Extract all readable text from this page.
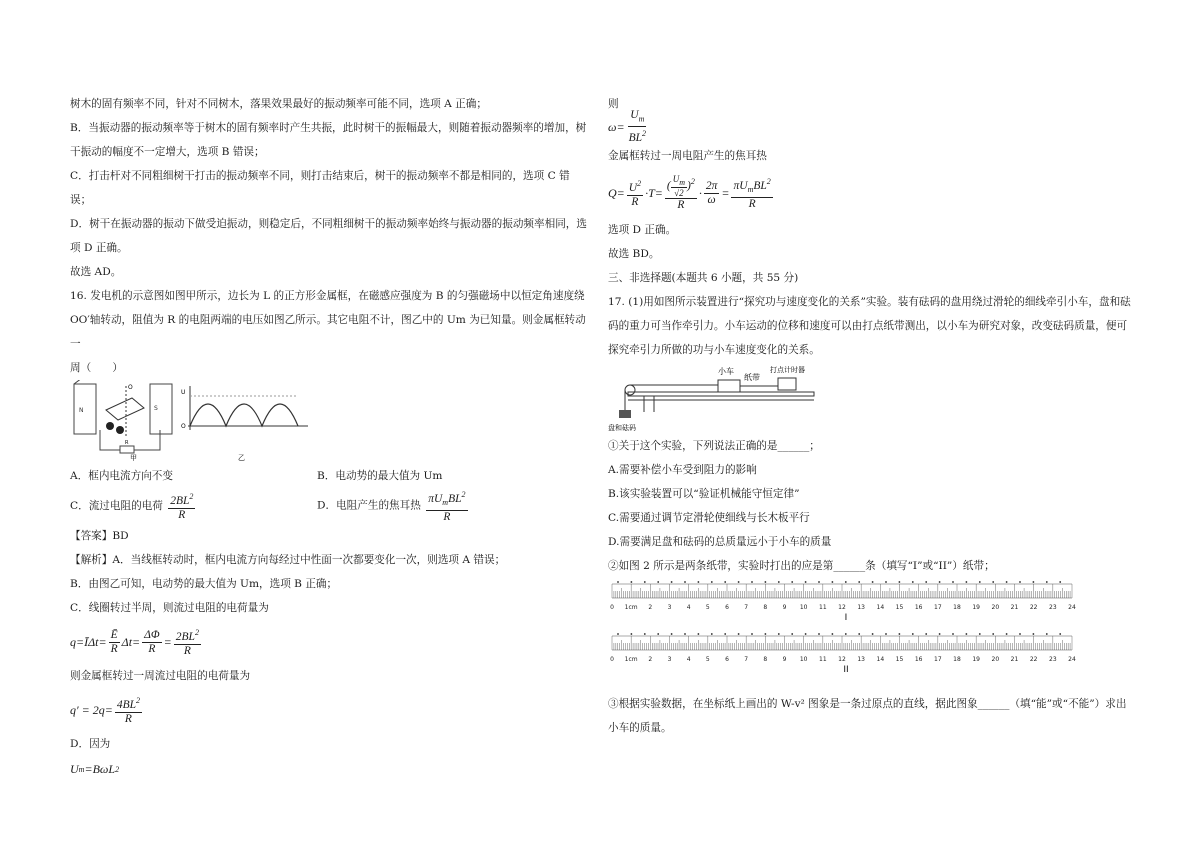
树木的固有频率不同，针对不同树木，落果效果最好的振动频率可能不同，选项 A 正确；

B．当振动器的振动频率等于树木的固有频率时产生共振，此时树干的振幅最大，则随着振动器频率的增加，树

干振动的幅度不一定增大，选项 B 错误；

C．打击杆对不同粗细树干打击的振动频率不同，则打击结束后，树干的振动频率不都是相同的，选项 C 错误；

D．树干在振动器的振动下做受迫振动，则稳定后，不同粗细树干的振动频率始终与振动器的振动频率相同，选

项 D 正确。

故选 AD。

16. 发电机的示意图如图甲所示，边长为 L 的正方形金属框，在磁感应强度为 B 的匀强磁场中以恒定角速度绕

OO′轴转动，阻值为 R 的电阻两端的电压如图乙所示。其它电阻不计，图乙中的 Um 为已知量。则金属框转动一

周（　　）

N	S
O
R
甲
U
O
乙
A．框内电流方向不变	B．电动势的最大值为 Um
C．流过电阻的电荷 $\frac{2BL^2}{R}$	D．电阻产生的焦耳热 $\frac{\pi U_mBL^2}{R}$

【答案】BD

【解析】A．当线框转动时，框内电流方向每经过中性面一次都要变化一次，则选项 A 错误；

B．由图乙可知，电动势的最大值为 Um，选项 B 正确；

C．线圈转过半周，则流过电阻的电荷量为

q = Ī Δ $t = \frac{Ē}{R}$ Δ $t = \frac{\Delta\Phi}{R} = \frac{2BL^2}{R}$

则金属框转过一周流过电阻的电荷量为

q ′ = 2 $q = \frac{4BL^2}{R}$

D．因为

U m = Bω L 2

则

$\omega = \frac{U_m}{BL^2}$

金属框转过一周电阻产生的焦耳热

$Q = \frac{U^2}{R} \cdot T = \frac{( \frac{U_m}{√2} )^2}{R} \cdot \frac{2\pi}{\omega} = \frac{\pi U_mBL^2}{R}$

选项 D 正确。

故选 BD。

三、非选择题(本题共 6 小题，共 55 分)

17. (1)用如图所示装置进行“探究功与速度变化的关系”实验。装有砝码的盘用绕过滑轮的细线牵引小车，盘和砝

码的重力可当作牵引力。小车运动的位移和速度可以由打点纸带测出，以小车为研究对象，改变砝码质量，便可

探究牵引力所做的功与小车速度变化的关系。

小车
纸带
打点计时器
盘和砝码

①关于这个实验，下列说法正确的是______；

A.需要补偿小车受到阻力的影响

B.该实验装置可以“验证机械能守恒定律”

C.需要通过调节定滑轮使细线与长木板平行

D.需要满足盘和砝码的总质量远小于小车的质量

②如图 2 所示是两条纸带，实验时打出的应是第______条（填写“I”或“II”）纸带；

0 1cm 2	3	4	5	6	7	8	9 10 11 12 13 14 15 16 17 18 19 20 21 22 23 24
I
0 1cm 2	3	4	5	6	7	8	9 10 11 12 13 14 15 16 17 18 19 20 21 22 23 24
II

③根据实验数据，在坐标纸上画出的 W-v² 图象是一条过原点的直线，据此图象______（填“能”或“不能”）求出

小车的质量。
